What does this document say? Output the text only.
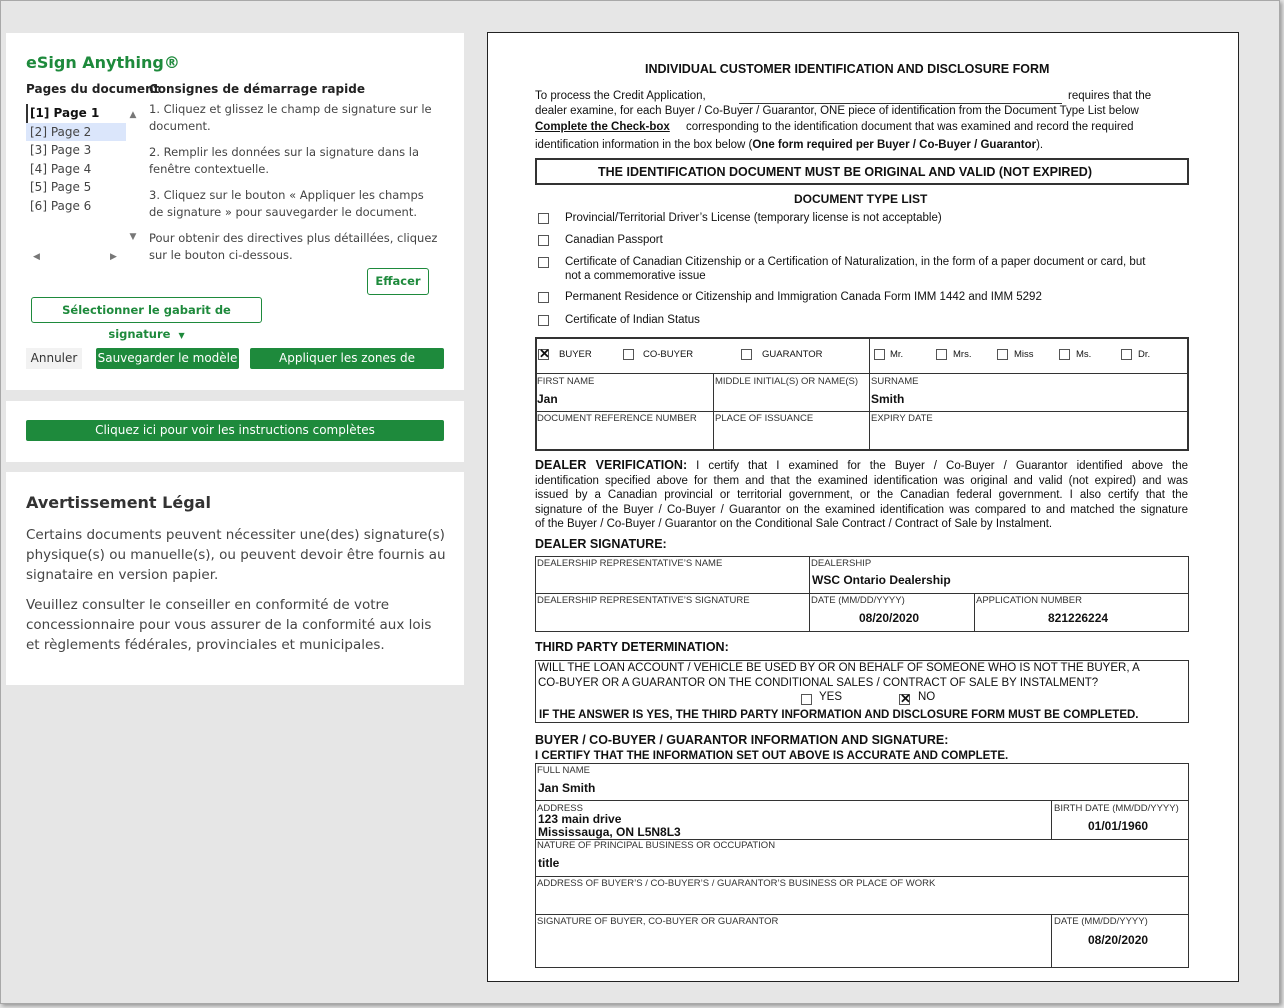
eSign Anything®
Pages du document
[1] Page 1
[2] Page 2
[3] Page 3
[4] Page 4
[5] Page 5
[6] Page 6
▲
▼
◀	▶
Consignes de démarrage rapide

1. Cliquez et glissez le champ de signature sur le document.

2. Remplir les données sur la signature dans la fenêtre contextuelle.

3. Cliquez sur le bouton « Appliquer les champs de signature » pour sauvegarder le document.

Pour obtenir des directives plus détaillées, cliquez sur le bouton ci-dessous.

Effacer
Sélectionner le gabarit de signature ▼
Annuler	Sauvegarder le modèle	Appliquer les zones de signature
Cliquez ici pour voir les instructions complètes
Avertissement Légal

Certains documents peuvent nécessiter une(des) signature(s) physique(s) ou manuelle(s), ou peuvent devoir être fournis au signataire en version papier.

Veuillez consulter le conseiller en conformité de votre concessionnaire pour vous assurer de la conformité aux lois et règlements fédérales, provinciales et municipales.

INDIVIDUAL CUSTOMER IDENTIFICATION AND DISCLOSURE FORM
To process the Credit Application,	requires that the
dealer examine, for each Buyer / Co-Buyer / Guarantor, ONE piece of identification from the Document Type List below
Complete the Check-box corresponding to the identification document that was examined and record the required
identification information in the box below (One form required per Buyer / Co-Buyer / Guarantor).
THE IDENTIFICATION DOCUMENT MUST BE ORIGINAL AND VALID (NOT EXPIRED)
DOCUMENT TYPE LIST
Provincial/Territorial Driver’s License (temporary license is not acceptable)
Canadian Passport
Certificate of Canadian Citizenship or a Certification of Naturalization, in the form of a paper document or card, but
not a commemorative issue
Permanent Residence or Citizenship and Immigration Canada Form IMM 1442 and IMM 5292
Certificate of Indian Status
✕
BUYER	CO-BUYER	GUARANTOR	Mr.	Mrs.	Miss	Ms.	Dr.
FIRST NAME
Jan
MIDDLE INITIAL(S) OR NAME(S) SURNAME
Smith
DOCUMENT REFERENCE NUMBER PLACE OF ISSUANCE	EXPIRY DATE
DEALER VERIFICATION: I certify that I examined for the Buyer / Co-Buyer / Guarantor identified above the
identification specified above for them and that the examined identification was original and valid (not expired) and was
issued by a Canadian provincial or territorial government, or the Canadian federal government. I also certify that the
signature of the Buyer / Co-Buyer / Guarantor on the examined identification was compared to and matched the signature
of the Buyer / Co-Buyer / Guarantor on the Conditional Sale Contract / Contract of Sale by Instalment.
DEALER SIGNATURE:
DEALERSHIP REPRESENTATIVE’S NAME	DEALERSHIP
WSC Ontario Dealership
DEALERSHIP REPRESENTATIVE’S SIGNATURE	DATE (MM/DD/YYYY)
08/20/2020
APPLICATION NUMBER
821226224
THIRD PARTY DETERMINATION:
WILL THE LOAN ACCOUNT / VEHICLE BE USED BY OR ON BEHALF OF SOMEONE WHO IS NOT THE BUYER, A
CO-BUYER OR A GUARANTOR ON THE CONDITIONAL SALES / CONTRACT OF SALE BY INSTALMENT?
YES
✕	NO
IF THE ANSWER IS YES, THE THIRD PARTY INFORMATION AND DISCLOSURE FORM MUST BE COMPLETED.
BUYER / CO-BUYER / GUARANTOR INFORMATION AND SIGNATURE:
I CERTIFY THAT THE INFORMATION SET OUT ABOVE IS ACCURATE AND COMPLETE.
FULL NAME
Jan Smith
ADDRESS
123 main drive
Mississauga, ON L5N8L3
BIRTH DATE (MM/DD/YYYY)
01/01/1960
NATURE OF PRINCIPAL BUSINESS OR OCCUPATION
title
ADDRESS OF BUYER’S / CO-BUYER’S / GUARANTOR’S BUSINESS OR PLACE OF WORK
SIGNATURE OF BUYER, CO-BUYER OR GUARANTOR	DATE (MM/DD/YYYY)
08/20/2020
